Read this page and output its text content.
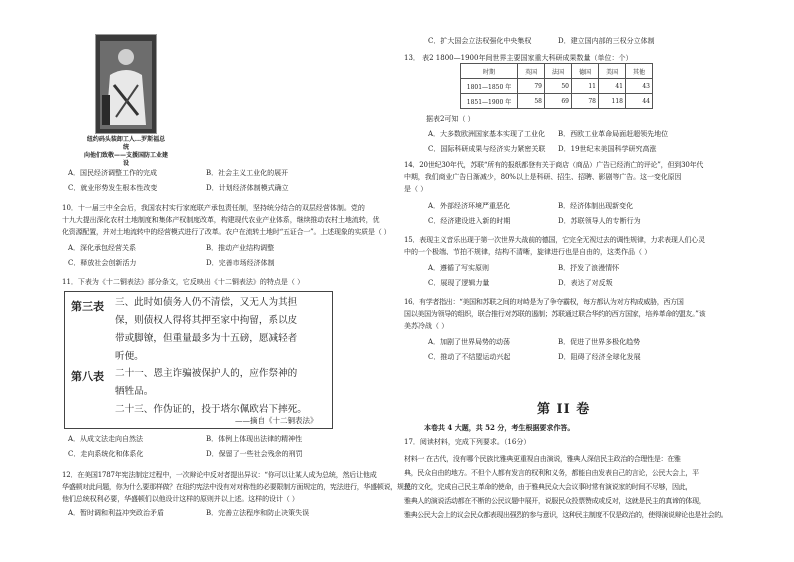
纽约码头装卸工人...罗斯福总统
向他们致敬——支援国防工业建设
A．国民经济调整工作的完成	B．社会主义工业化的展开
C．就业形势发生根本性改变	D．计划经济体制模式确立
10．十一届三中全会后，我国农村实行家庭联产承包责任制，坚持统分结合的双层经营体制。党的
十九大提出深化农村土地制度和集体产权制度改革，构建现代农业产业体系，继续推动农村土地流转，优
化资源配置，并对土地流转中的经营模式进行了改革。农户在流转土地时“五证合一”。上述现象的实质是（ ）
A．深化承包经营关系	B．推动产业结构调整
C．释放社会创新活力	D．完善市场经济体制
11．下表为《十二铜表法》部分条文，它反映出《十二铜表法》的特点是（ ）
第三表 三、此时如债务人仍不清偿，又无人为其担
保，则债权人得将其押至家中拘留，系以皮
带或脚镣，但重量最多为十五磅，愿减轻者
听便。
第八表 二十一、恩主诈骗被保护人的，应作祭神的
牺牲品。
二十三、作伪证的，投于塔尔佩欧岩下摔死。
——摘自《十二铜表法》
A．从成文法走向自然法	B．体例上体现出法律的精神性
C．走向系统化和体系化	D．保留了一些社会残余的刑罚
12．在美国1787年宪法制定过程中，一次辩论中反对者提出异议：“你可以让某人成为总统，然后让他成
华盛顿对此问题，你为什么要那样做？在纽约宪法中没有对对称性的必要限制方面规定的，宪法进行，华盛顿说，规范
他们总统权利必要，华盛顿们以他设计这样的原则并以上述。这样的设计（ ）
A．暂时调和利益冲突政治矛盾	B．完善立法程序和防止决策失误
C．扩大国会立法权强化中央集权	D．建立国内部的三权分立体制
13． 表2 1800—1900年间世界主要国家重大科研成果数量（单位：个）
时期	英国	法国	德国	美国	其他
1801—1850 年	79	50	11	41	43
1851—1900 年	58	69	78	118	44
据表2可知（ ）
A．大多数欧洲国家基本实现了工业化 B．西欧工业革命局面赶超领先地位
C．国际科研成果与经济实力紧密关联 D．19世纪末美国科学研究高涨
14．20世纪30年代，苏联“所有的报纸都登有关于商店（商品）广告已经消亡的评论”，但到30年代
中期，我们商业广告日渐减少，80%以上是科研、招生、招聘、影剧等广告。这一变化原因
是（ ）
A．外部经济环境严重恶化	B．经济体制出现新变化
C．经济建设进入新的时期	D．苏联领导人的专断行为
15．表现主义音乐出现于第一次世界大战前的德国，它完全无视过去的调性规律，力求表现人们心灵
中的一个极端、节拍不规律，结构不清晰，旋律进行也是自由的，这类作品（ ）
A．遵循了写实原则	B．抒发了浪漫情怀
C．展现了逻辑力量	D．表达了对反叛
16．有学者指出：“美国和苏联之间的对峙是为了争夺霸权，每方都认为对方构成威胁，西方国
国以美国为领导的组织，联合推行对苏联的遏制；苏联通过联合华约的西方国家，培养革命的盟友。”该
美苏冷战（ ）
A．加剧了世界局势的动荡	B．促进了世界多极化趋势
C．推动了不结盟运动兴起	D．阻碍了经济全球化发展
第 II 卷
本卷共 4 大题，共 52 分，考生根据要求作答。
17．阅读材料，完成下列要求。（16分）
材料一 在古代，没有哪个民族比雅典更重视自由演说，雅典人深信民主政治的合理性是：在雅
典，民众自由的地方。不但个人都有发言的权利和义务，都能自由发表自己的言论，公民大会上，平
民的文化，完成自己民主革命的使命，由于雅典民众大会议事时常有演说家的时间不尽够，因此，
雅典人的演说活动都在不断的公民议题中展开，说服民众投票赞成或反对，这就是民主的真谛的体现，
雅典公民大会上的议会民众都表现出强烈的参与意识，这种民主制度不仅是政治的，使得演说辩论也是社会的。
